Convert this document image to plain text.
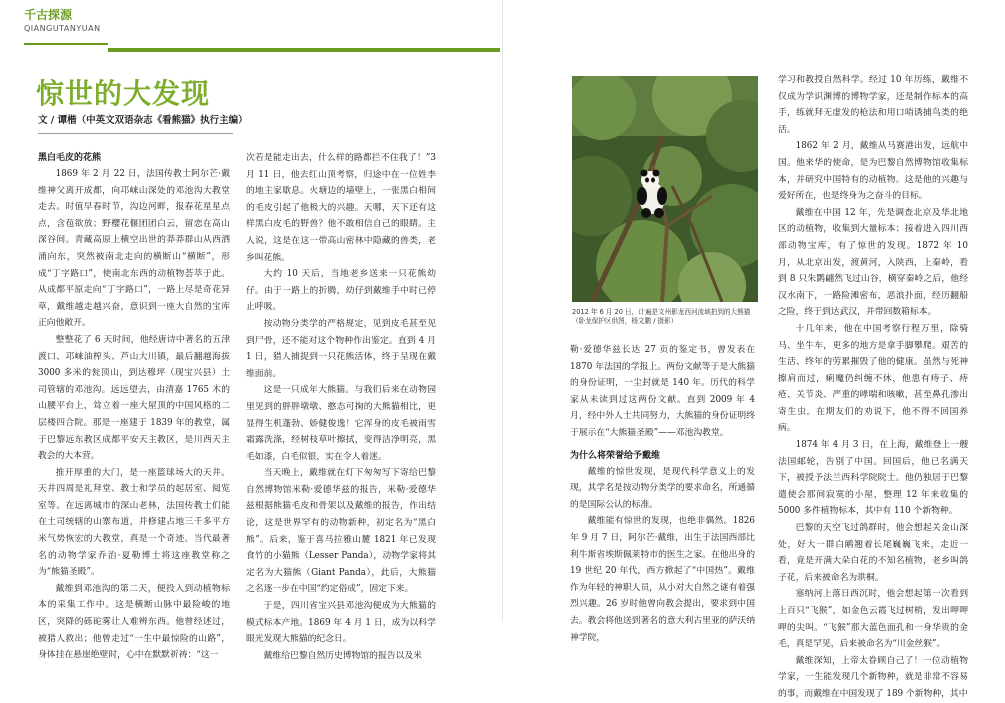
千古探源
QIANGUTANYUAN
惊世的大发现
文 / 谭楷（中英文双语杂志《看熊猫》执行主编）
黑白毛皮的花熊

1869 年 2 月 22 日，法国传教士阿尔芒·戴维神父离开成都，向邛崃山深处的邓池沟大教堂走去。时值早春时节，沟边河畔，报春花星星点点，含苞欲放；野樱花偃团团白云，留恋在高山深谷间。青藏高原上横空出世的莽莽群山从西洒涌向东，突然被南北走向的横断山“横断”，形成“丁字路口”，使南北东西的动植物荟萃于此。从成都平原走向“丁字路口”，一路上尽是奇花异草，戴维越走越兴奋，意识到一座大自然的宝库正向他敞开。

整整花了 6 天时间，他经唐诗中著名的五津渡口、邛崃油榨头、芦山大川镇，最后翻越海拔 3000 多米的瓮顶山，到达穆坪（现宝兴县）土司管辖的邓池沟。远远望去，由清嘉 1765 木的山腰平台上，耸立着一座大屋顶的中国风格的二层楼四合院。那是一座建于 1839 年的教堂，属于巴黎远东教区成都平安天主教区，是川西天主教会的大本营。

推开厚重的大门，是一座篮球场大的天井。天井四周是礼拜堂、教士和学员的起居室、阅览室等。在远离城市的深山老林，法国传教士们能在土司统辖的山寨布道，并修建占地三千多平方米气势恢宏的大教堂，真是一个奇迹。当代最著名的动物学家乔治·夏勒博士将这座教堂称之为“熊猫圣殿”。

戴维到邓池沟的第二天，便投入到动植物标本的采集工作中。这是横断山脉中最险峻的地区，突降的砾砣雾让人难辨东西。他曾经述过，被猎人救出；他曾走过“一生中最惊险的山路”，身体挂在悬崖绝壁时，心中在默默祈祷：“这一

次若是能走出去，什么样的路都拦不住我了！”3 月 11 日，他去红山顶考察，归途中在一位姓李的地主家歇息。火塘边的墙壁上，一张黑白相间的毛皮引起了他极大的兴趣。天哪，天下还有这样黑白皮毛的野兽？他不敢相信自己的眼睛。主人说，这是在这一带高山密林中隐藏的兽类，老乡叫花熊。

大约 10 天后，当地老乡送来一只花熊幼仔。由于一路上的折腾，幼仔到戴维手中时已停止呼吸。

按动物分类学的严格规定，见到皮毛甚至见到尸骨，还不能对这个物种作出鉴定。直到 4 月 1 日，猎人捕捉到一只花熊活体，终于呈现在戴维面前。

这是一只成年大熊猫。与我们后来在动物园里见到的胖胖墩墩、憨态可掬的大熊猫相比，更显得生机蓬勃、娇健俊逸！它浑身的皮毛被雨雪霜露洗涤，经树枝草叶擦拭，变得洁净明亮，黑毛如漆，白毛似银，实在令人着迷。

当天晚上，戴维就在灯下匆匆写下寄给巴黎自然博物馆米勒·爱德华兹的报告，米勒·爱德华兹根据熊猫毛皮和骨架以及戴维的报告，作出结论，这是世界罕有的动物新种，初定名为“黑白熊”。后来，鉴于喜马拉雅山麓 1821 年已发现食竹的小猫熊（Lesser Panda），动物学家将其定名为大猫熊（Giant Panda），此后，大熊猫之名逐一步在中国“约定俗成”，固定下来。

于是，四川省宝兴县邓池沟便成为大熊猫的模式标本产地。1869 年 4 月 1 日，成为以科学眼光发现大熊猫的纪念日。

戴维给巴黎自然历史博物馆的报告以及米

2012 年 6 月 20 日，计遍是文州影龙西河流域拍到的大熊猫（卧龙保护区供图，杨文鹏 / 摄影）

勒·爱德华兹长达 27 页的鉴定书，曾发表在 1870 年法国的学报上。两份文献等于是大熊猫的身份证明，一尘封就是 140 年。历代的科学家从未读到过这两份文献。直到 2009 年 4 月，经中外人士共同努力，大熊猫的身份证明终于展示在“大熊猫圣殿”——邓池沟教堂。

为什么将荣誉给予戴维

戴维的惊世发现，是现代科学意义上的发现，其学名是按动物分类学的要求命名，所通循的是国际公认的标准。

戴维能有惊世的发现，也绝非偶然。1826 年 9 月 7 日，阿尔芒·戴维，出生于法国西部比利牛斯省埃斯佩莱特市的医生之家。在他出身的 19 世纪 20 年代，西方掀起了“中国热”。戴维作为年轻的神职人员，从小对大自然之谜有着强烈兴趣。26 岁时他曾向教会提出，要求到中国去。教会将他送到著名的意大利古里亚的萨沃纳神学院，

学习和教授自然科学。经过 10 年历练，戴维不仅成为学识渊博的博物学家，还是制作标本的高手，练就拜无虚发的枪法和用口哨诱捕鸟类的绝活。

1862 年 2 月，戴维从马赛港出发，远航中国。他来华的使命，是为巴黎自然博物馆收集标本，并研究中国特有的动植物。这是他的兴趣与爱好所在，也是终身为之奋斗的目标。

戴维在中国 12 年，先是调查北京及华北地区的动植物，收集到大量标本；接着进入四川西部动物宝库，有了惊世的发现。1872 年 10 月，从北京出发，渡黄河，入陕西，上秦岭，看到 8 只朱鹮翩然飞过山谷，横穿秦岭之后，他经汉水南下，一路险滩密布，恶浪扑面，经历翻船之险，终于到达武汉，并带回数箱标本。

十几年来，他在中国考察行程万里，除骑马、坐牛车，更多的地方是拿手脚攀爬。艰苦的生活、终年的劳累摧毁了他的健康。虽然与死神擦肩而过，痢魔仍纠缠不休，他患有痔子、痔疮、关节炎、严重的哮喘和咳嗽，甚至鼻孔渗出寄生虫。在期友们的劝说下，他不得不回国养病。

1874 年 4 月 3 日，在上海，戴维登上一艘法国邮轮，告别了中国。回国后，他已名满天下，被授予法兰西科学院院士。他仍独居于巴黎遣使会那间寂寞的小屋，整理 12 年来收集的 5000 多件植物标本，其中有 110 个新物种。

巴黎的天空飞过鸽群时，他会想起关金山深处，好大一群白鹇翘着长尾巍巍飞来，走近一看，竟是开满大朵白花的不知名植物，老乡叫鸽子花，后来被命名为珙桐。

塞纳河上落日西沉时，他会想起第一次看到上百只“飞猴”，如金色云霞飞过树梢，发出呷呷呷的尖叫。“飞猴”那大蓝色面孔和一身华贵的金毛，真是罕见，后来被命名为“川金丝猴”。

戴维深知，上帝太眷顾自己了！一位动植物学家，一生能发现几个新物种，就是非常不容易的事，而戴维在中国发现了 189 个新物种，其中
